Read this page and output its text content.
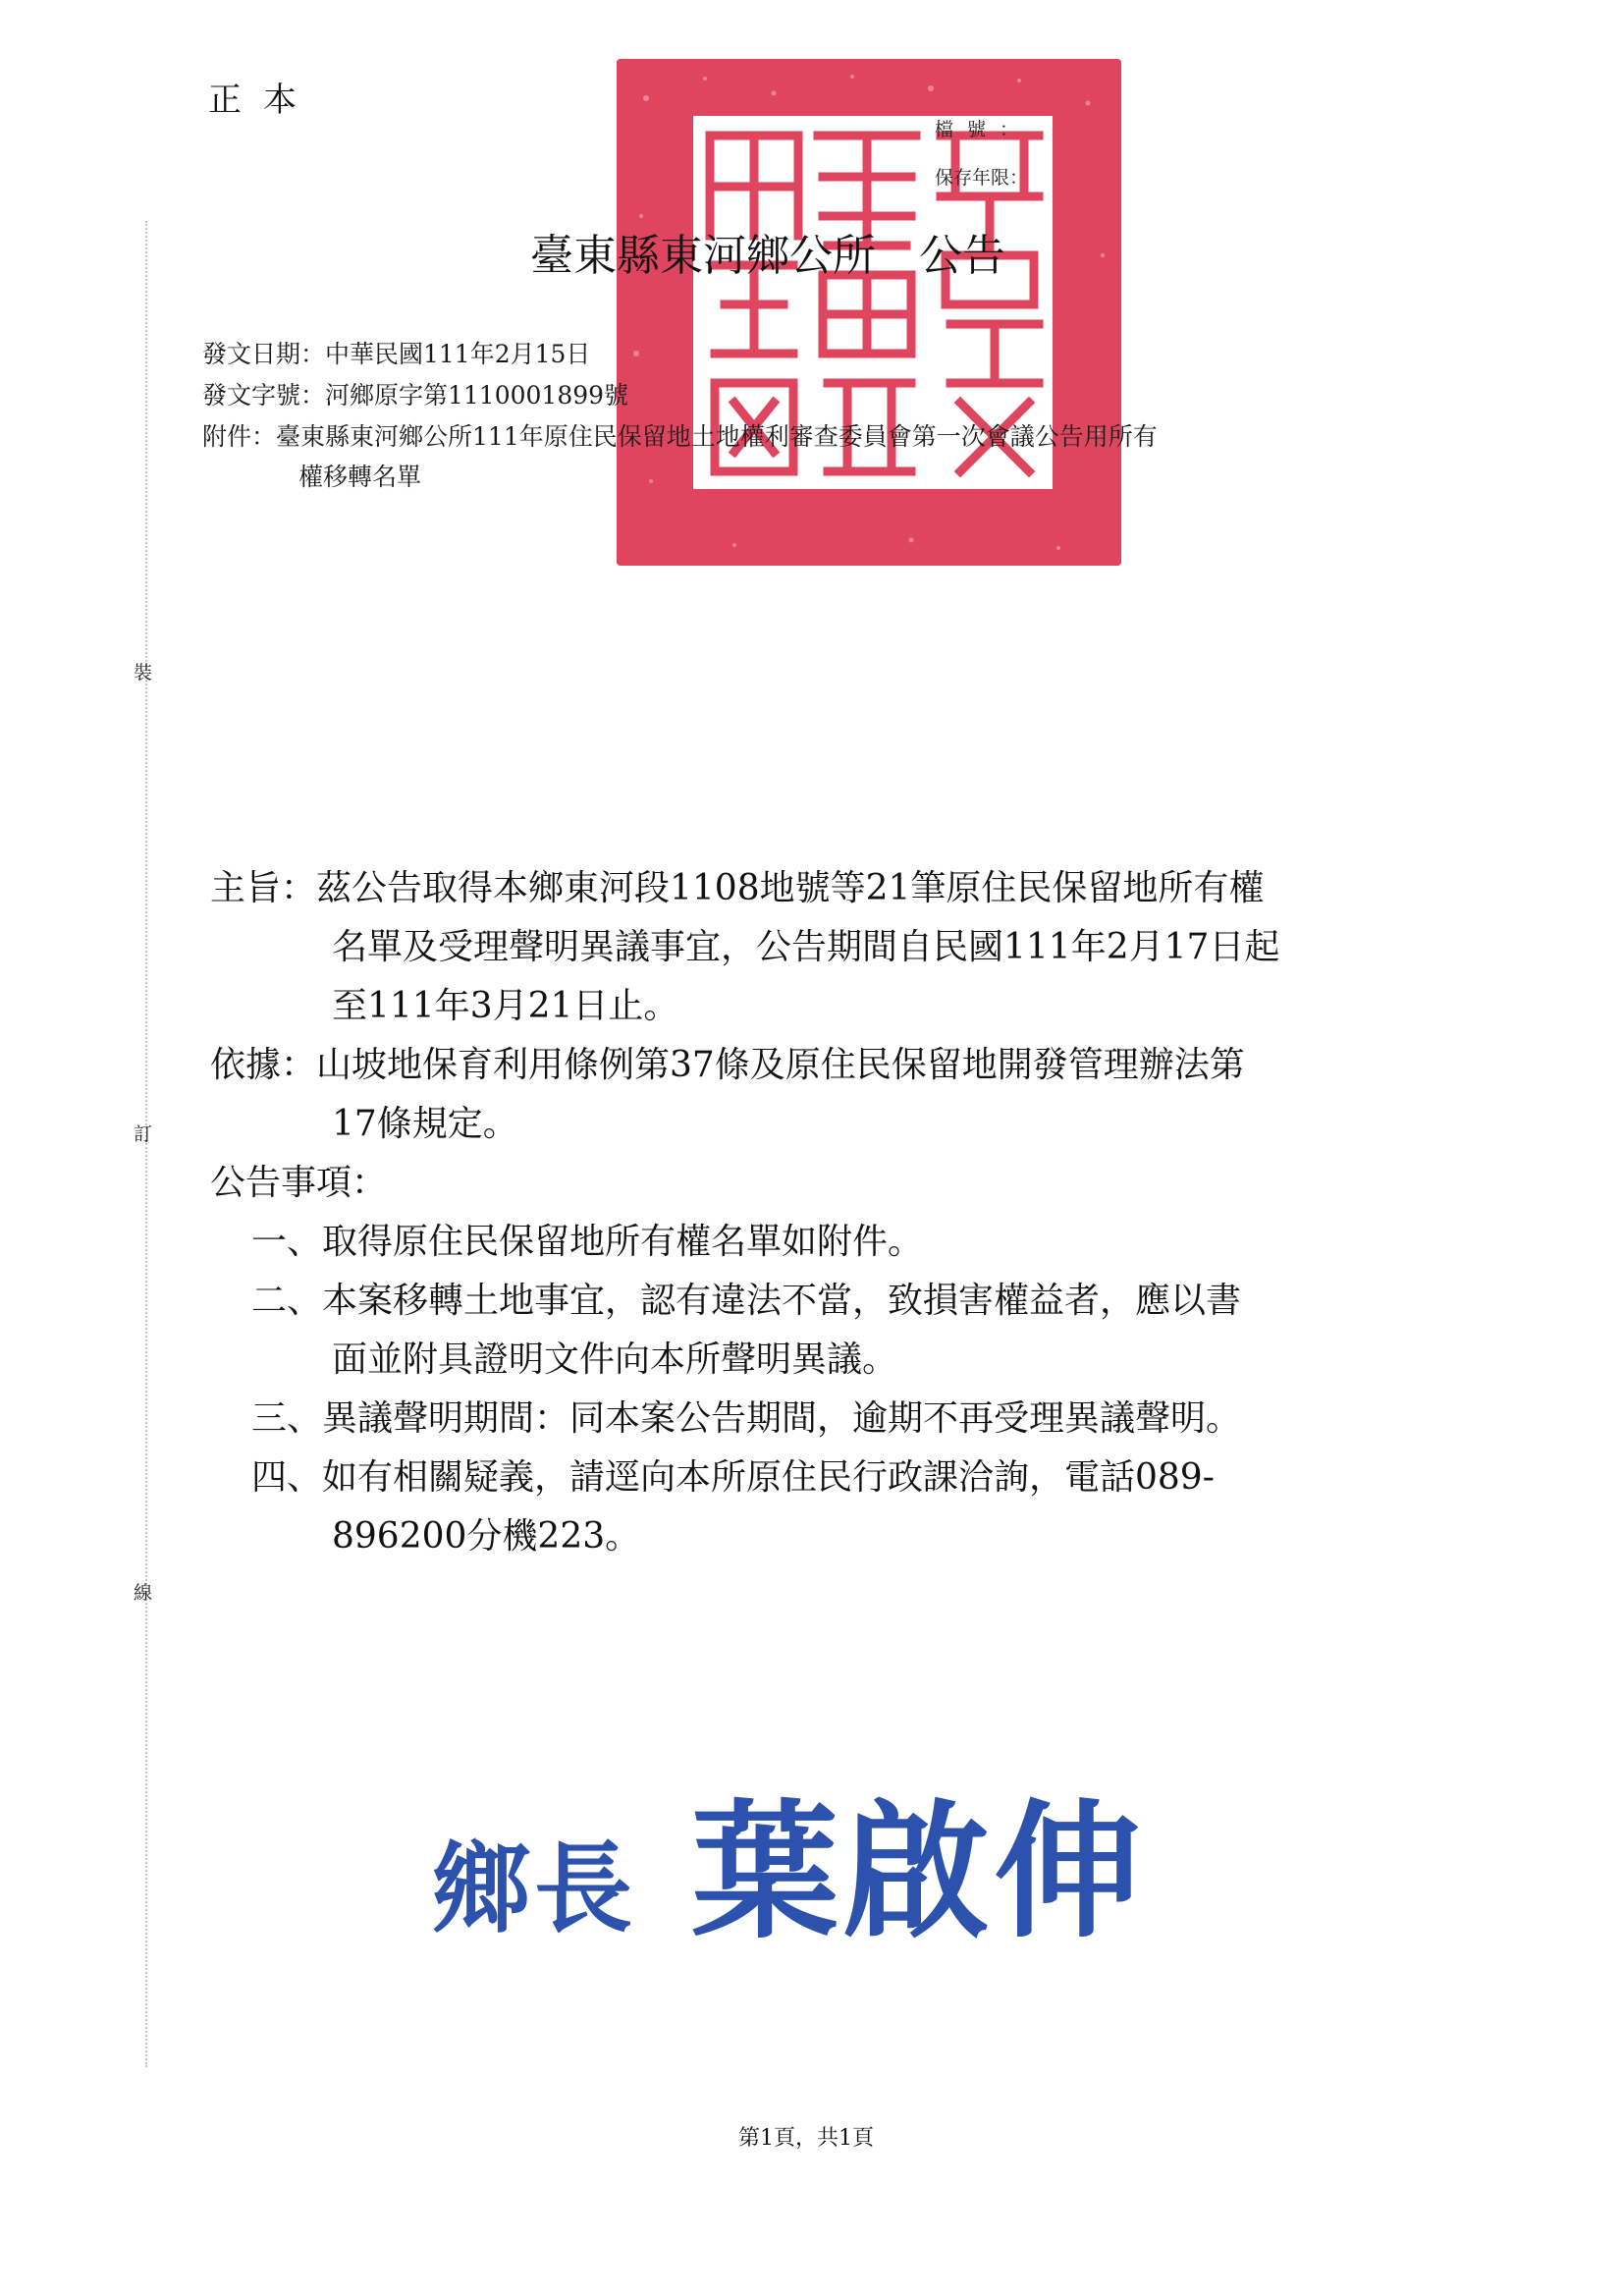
裝
訂
線
正本
檔號：
保存年限：
臺東縣東河鄉公所　公告
發文日期：中華民國111年2月15日
發文字號：河鄉原字第1110001899號
附件：臺東縣東河鄉公所111年原住民保留地土地權利審查委員會第一次會議公告用所有
權移轉名單
主旨：茲公告取得本鄉東河段1108地號等21筆原住民保留地所有權
名單及受理聲明異議事宜，公告期間自民國111年2月17日起
至111年3月21日止。
依據：山坡地保育利用條例第37條及原住民保留地開發管理辦法第
17條規定。
公告事項：
一、取得原住民保留地所有權名單如附件。
二、本案移轉土地事宜，認有違法不當，致損害權益者，應以書
面並附具證明文件向本所聲明異議。
三、異議聲明期間：同本案公告期間，逾期不再受理異議聲明。
四、如有相關疑義，請逕向本所原住民行政課洽詢，電話089-
896200分機223。
鄉長 葉啟伸
第1頁，共1頁
